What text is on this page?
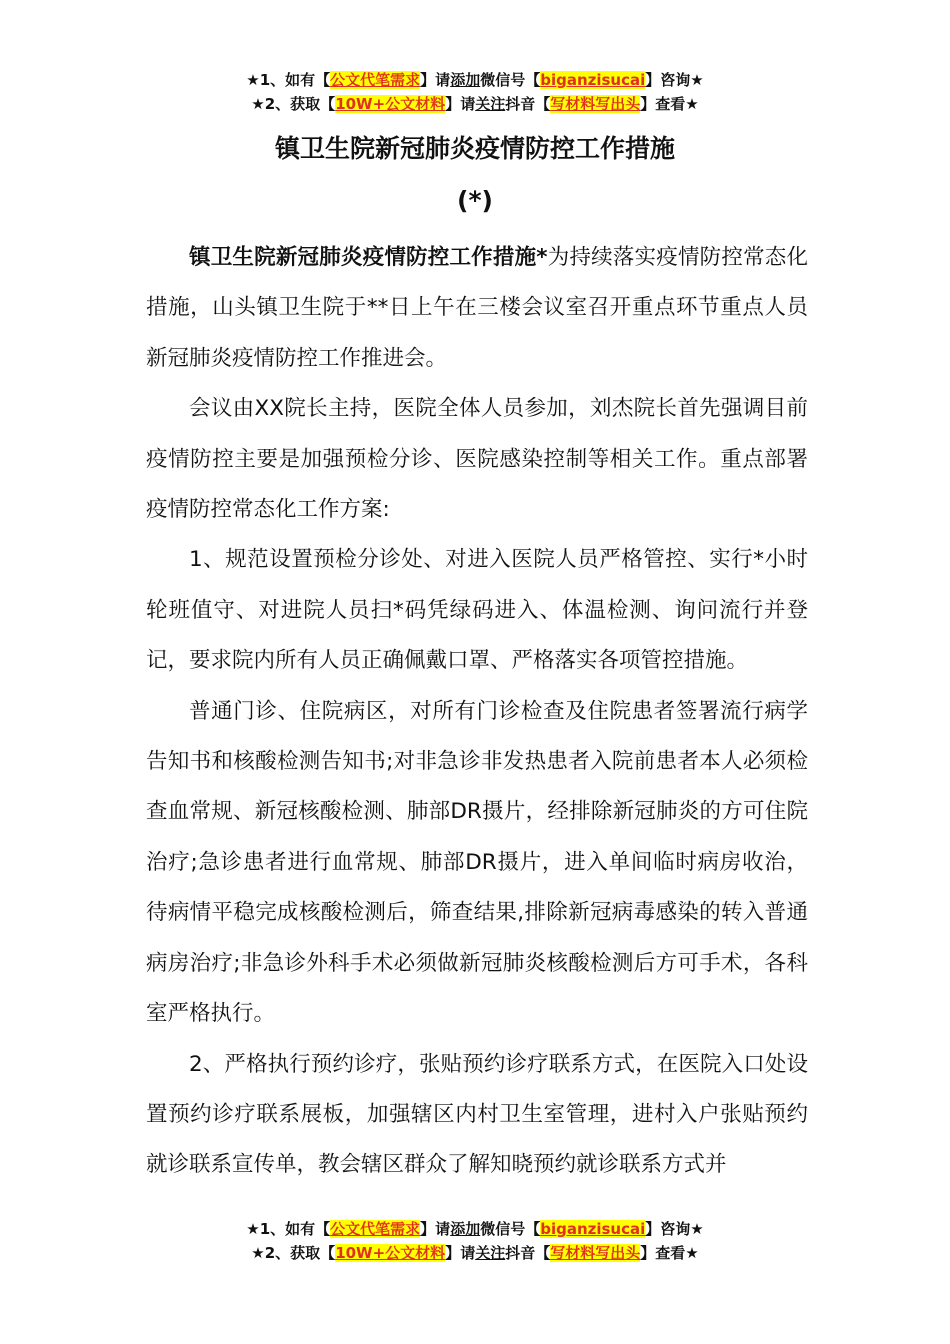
★1、如有【公文代笔需求】请添加微信号【biganzisucai】咨询★
★2、获取【10W+公文材料】请关注抖音【写材料写出头】查看★
镇卫生院新冠肺炎疫情防控工作措施
(*)

镇卫生院新冠肺炎疫情防控工作措施*为持续落实疫情防控常态化措施，山头镇卫生院于**日上午在三楼会议室召开重点环节重点人员新冠肺炎疫情防控工作推进会。

会议由XX院长主持，医院全体人员参加，刘杰院长首先强调目前疫情防控主要是加强预检分诊、医院感染控制等相关工作。重点部署疫情防控常态化工作方案:

1、规范设置预检分诊处、对进入医院人员严格管控、实行*小时轮班值守、对进院人员扫*码凭绿码进入、体温检测、询问流行并登记，要求院内所有人员正确佩戴口罩、严格落实各项管控措施。

普通门诊、住院病区，对所有门诊检查及住院患者签署流行病学告知书和核酸检测告知书;对非急诊非发热患者入院前患者本人必须检查血常规、新冠核酸检测、肺部DR摄片，经排除新冠肺炎的方可住院治疗;急诊患者进行血常规、肺部DR摄片，进入单间临时病房收治，待病情平稳完成核酸检测后，筛查结果,排除新冠病毒感染的转入普通病房治疗;非急诊外科手术必须做新冠肺炎核酸检测后方可手术，各科室严格执行。

2、严格执行预约诊疗，张贴预约诊疗联系方式，在医院入口处设置预约诊疗联系展板，加强辖区内村卫生室管理，进村入户张贴预约就诊联系宣传单，教会辖区群众了解知晓预约就诊联系方式并

★1、如有【公文代笔需求】请添加微信号【biganzisucai】咨询★
★2、获取【10W+公文材料】请关注抖音【写材料写出头】查看★
